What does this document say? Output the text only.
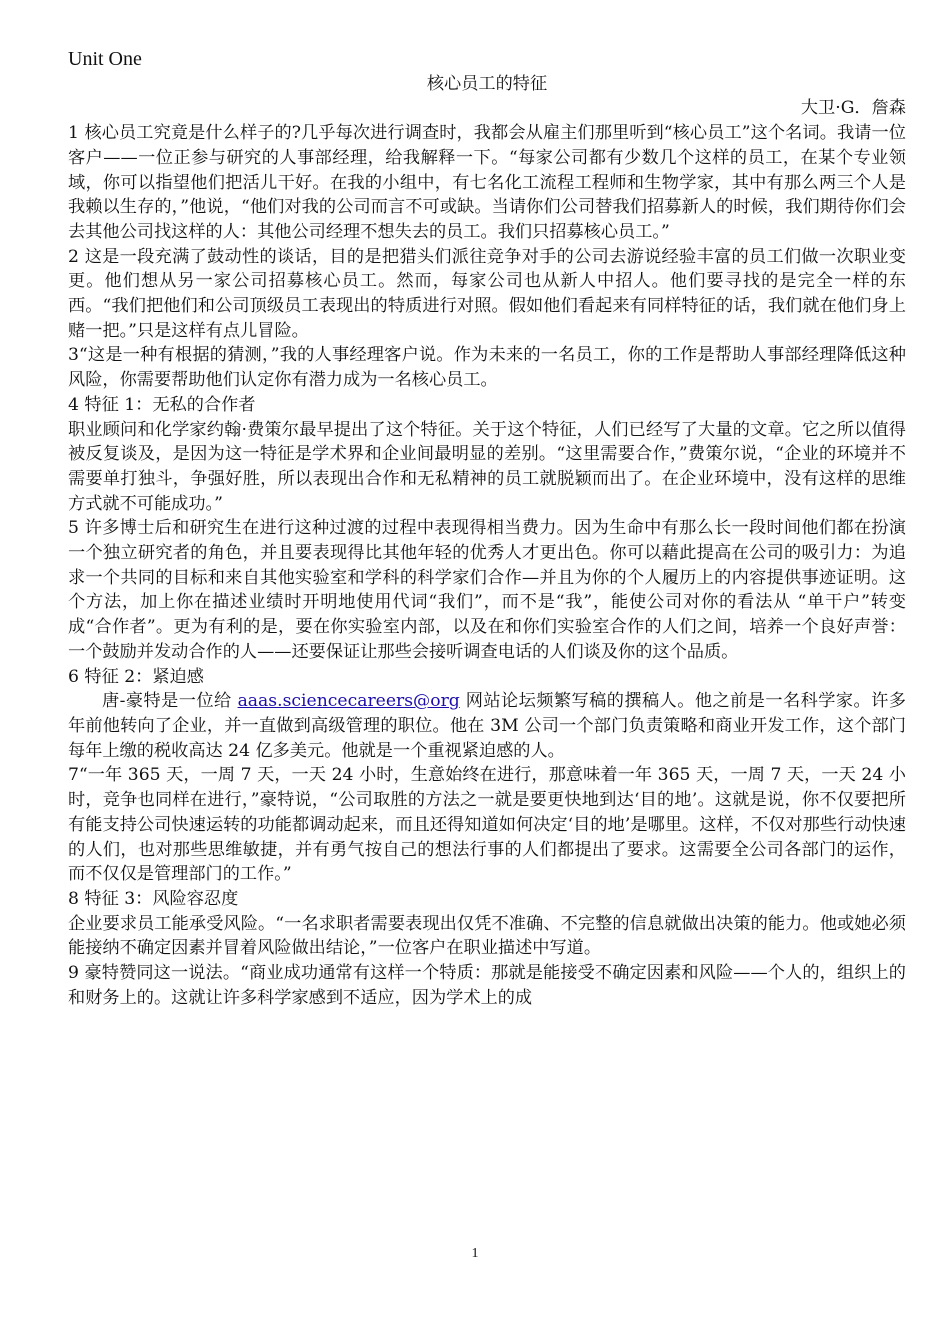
Unit One

核心员工的特征

大卫·G．詹森

1 核心员工究竟是什么样子的?几乎每次进行调查时，我都会从雇主们那里听到“核心员工”这个名词。我请一位客户——一位正参与研究的人事部经理，给我解释一下。“每家公司都有少数几个这样的员工，在某个专业领域，你可以指望他们把活儿干好。在我的小组中，有七名化工流程工程师和生物学家，其中有那么两三个人是我赖以生存的，”他说，“他们对我的公司而言不可或缺。当请你们公司替我们招募新人的时候，我们期待你们会去其他公司找这样的人：其他公司经理不想失去的员工。我们只招募核心员工。”

2 这是一段充满了鼓动性的谈话，目的是把猎头们派往竞争对手的公司去游说经验丰富的员工们做一次职业变更。他们想从另一家公司招募核心员工。然而，每家公司也从新人中招人。他们要寻找的是完全一样的东西。“我们把他们和公司顶级员工表现出的特质进行对照。假如他们看起来有同样特征的话，我们就在他们身上赌一把。”只是这样有点儿冒险。

3“这是一种有根据的猜测，”我的人事经理客户说。作为未来的一名员工，你的工作是帮助人事部经理降低这种风险，你需要帮助他们认定你有潜力成为一名核心员工。

4 特征 1：无私的合作者

职业顾问和化学家约翰·费策尔最早提出了这个特征。关于这个特征，人们已经写了大量的文章。它之所以值得被反复谈及，是因为这一特征是学术界和企业间最明显的差别。“这里需要合作，”费策尔说，“企业的环境并不需要单打独斗，争强好胜，所以表现出合作和无私精神的员工就脱颖而出了。在企业环境中，没有这样的思维方式就不可能成功。”

5 许多博士后和研究生在进行这种过渡的过程中表现得相当费力。因为生命中有那么长一段时间他们都在扮演一个独立研究者的角色，并且要表现得比其他年轻的优秀人才更出色。你可以藉此提高在公司的吸引力：为追求一个共同的目标和来自其他实验室和学科的科学家们合作—并且为你的个人履历上的内容提供事迹证明。这个方法，加上你在描述业绩时开明地使用代词“我们”，而不是“我”，能使公司对你的看法从 “单干户”转变成“合作者”。更为有利的是，要在你实验室内部，以及在和你们实验室合作的人们之间，培养一个良好声誉：一个鼓励并发动合作的人——还要保证让那些会接听调查电话的人们谈及你的这个品质。

6 特征 2：紧迫感

唐-豪特是一位给 aaas.sciencecareers@org 网站论坛频繁写稿的撰稿人。他之前是一名科学家。许多年前他转向了企业，并一直做到高级管理的职位。他在 3M 公司一个部门负责策略和商业开发工作，这个部门每年上缴的税收高达 24 亿多美元。他就是一个重视紧迫感的人。

7“一年 365 天，一周 7 天，一天 24 小时，生意始终在进行，那意味着一年 365 天，一周 7 天，一天 24 小时，竞争也同样在进行，”豪特说，“公司取胜的方法之一就是要更快地到达‘目的地’。这就是说，你不仅要把所有能支持公司快速运转的功能都调动起来，而且还得知道如何决定‘目的地’是哪里。这样，不仅对那些行动快速的人们，也对那些思维敏捷，并有勇气按自己的想法行事的人们都提出了要求。这需要全公司各部门的运作，而不仅仅是管理部门的工作。”

8 特征 3：风险容忍度

企业要求员工能承受风险。“一名求职者需要表现出仅凭不准确、不完整的信息就做出决策的能力。他或她必须能接纳不确定因素并冒着风险做出结论，”一位客户在职业描述中写道。

9 豪特赞同这一说法。“商业成功通常有这样一个特质：那就是能接受不确定因素和风险——个人的，组织上的和财务上的。这就让许多科学家感到不适应，因为学术上的成

1
